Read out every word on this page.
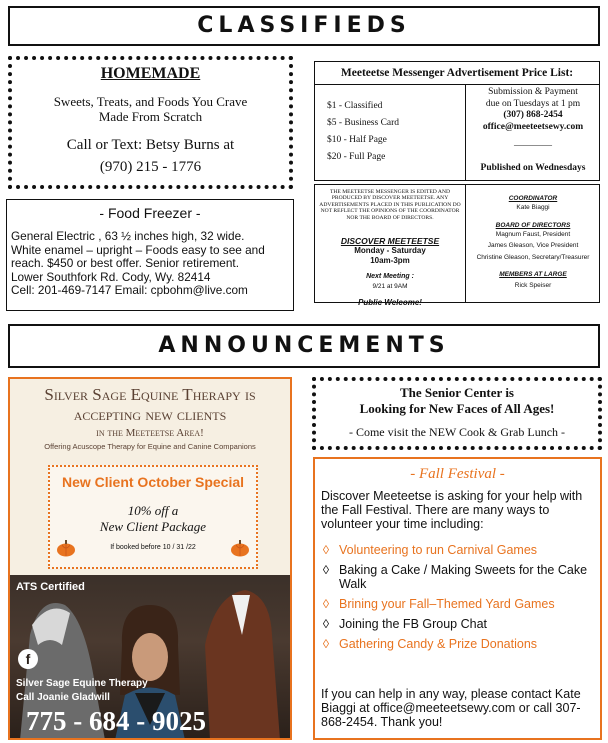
CLASSIFIEDS
HOMEMADE
Sweets, Treats, and Foods You Crave
Made From Scratch
Call or Text: Betsy Burns at
(970) 215 - 1776
- Food Freezer -
General Electric , 63 ½ inches high, 32 wide.
White enamel – upright – Foods easy to see and
reach. $450 or best offer. Senior retirement.
Lower Southfork Rd. Cody, Wy. 82414
Cell: 201-469-7147 Email: cpbohm@live.com
Meeteetse Messenger Advertisement Price List:
$1 - Classified
$5 - Business Card
$10 - Half Page
$20 - Full Page
Submission & Payment
due on Tuesdays at 1 pm
(307) 868-2454
office@meeteetsewy.com
————
Published on Wednesdays
THE MEETEETSE MESSENGER IS EDITED AND PRODUCED BY DISCOVER MEETEETSE. ANY ADVERTISEMENTS PLACED IN THIS PUBLICATION DO NOT REFLECT THE OPINIONS OF THE COORDINATOR NOR THE BOARD OF DIRECTORS.
DISCOVER MEETEETSE
Monday - Saturday
10am-3pm
Next Meeting :
9/21 at 9AM
Public Welcome!
COORDINATOR
Kate Biaggi
BOARD OF DIRECTORS
Magnum Faust, President
James Gleason, Vice President
Christine Gleason, Secretary/Treasurer
MEMBERS AT LARGE
Rick Speiser
ANNOUNCEMENTS
Silver Sage Equine Therapy is
accepting new clients
in the Meeteetse Area!
Offering Acuscope Therapy for Equine and Canine Companions
New Client October Special
10% off a
New Client Package
If booked before 10 / 31 /22
ATS Certified
f
Silver Sage Equine Therapy
Call Joanie Gladwill
775 - 684 - 9025
The Senior Center is
Looking for New Faces of All Ages!
- Come visit the NEW Cook & Grab Lunch -
- Fall Festival -
Discover Meeteetse is asking for your help with the Fall Festival. There are many ways to volunteer your time including:
◊ Volunteering to run Carnival Games
◊ Baking a Cake / Making Sweets for the Cake Walk
◊ Brining your Fall–Themed Yard Games
◊ Joining the FB Group Chat
◊ Gathering Candy & Prize Donations
If you can help in any way, please contact Kate Biaggi at office@meeteetsewy.com or call 307-868-2454. Thank you!
